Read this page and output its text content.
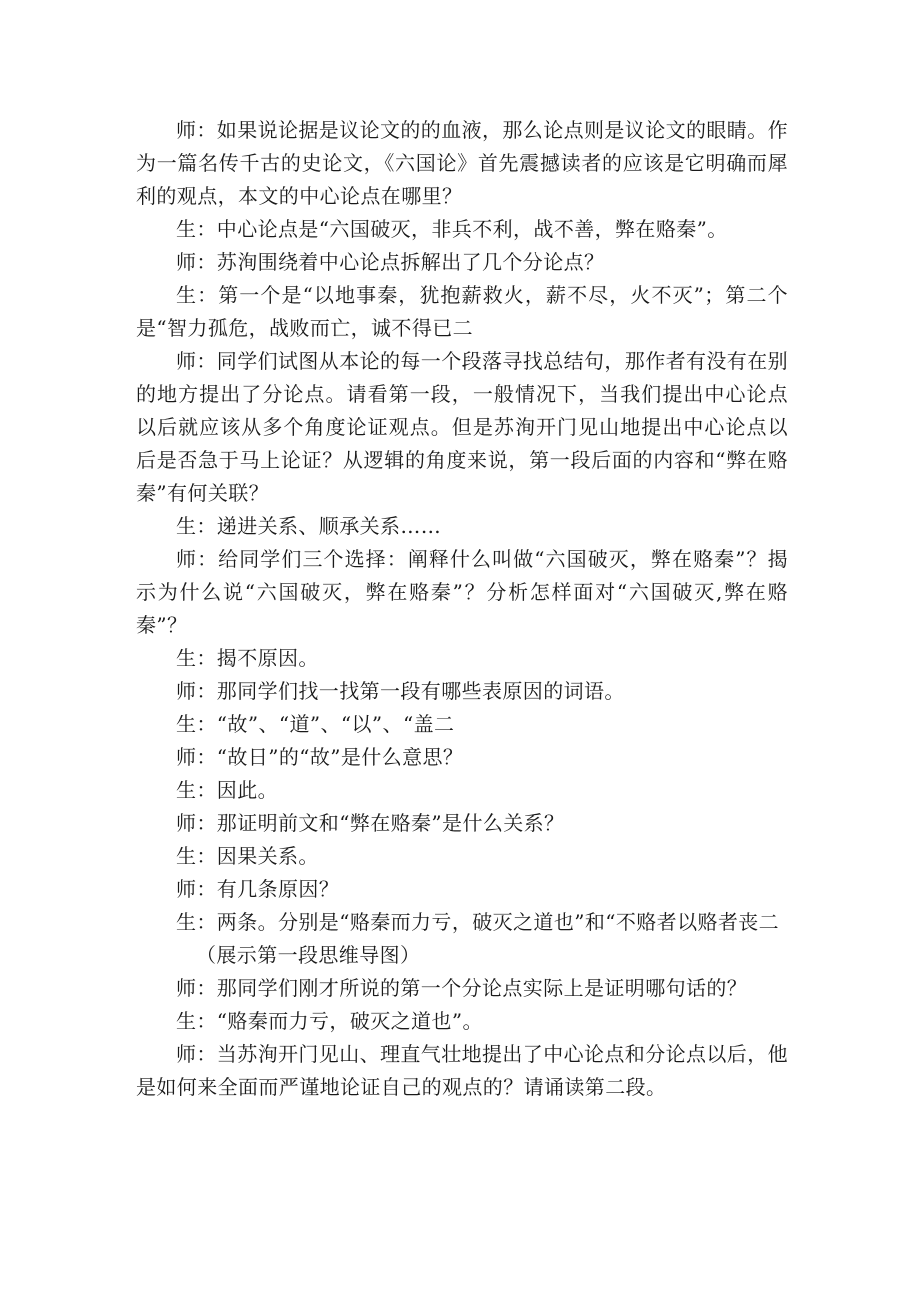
师：如果说论据是议论文的的血液，那么论点则是议论文的眼睛。作为一篇名传千古的史论文，《六国论》首先震撼读者的应该是它明确而犀利的观点，本文的中心论点在哪里？

生：中心论点是“六国破灭，非兵不利，战不善，弊在赂秦”。

师：苏洵围绕着中心论点拆解出了几个分论点？

生：第一个是“以地事秦，犹抱薪救火，薪不尽，火不灭”；第二个是“智力孤危，战败而亡，诚不得已二

师：同学们试图从本论的每一个段落寻找总结句，那作者有没有在别的地方提出了分论点。请看第一段，一般情况下，当我们提出中心论点以后就应该从多个角度论证观点。但是苏洵开门见山地提出中心论点以后是否急于马上论证？从逻辑的角度来说，第一段后面的内容和“弊在赂秦”有何关联？

生：递进关系、顺承关系……

师：给同学们三个选择：阐释什么叫做“六国破灭，弊在赂秦”？揭示为什么说“六国破灭，弊在赂秦”？分析怎样面对“六国破灭,弊在赂秦”？

生：揭不原因。

师：那同学们找一找第一段有哪些表原因的词语。

生：“故”、“道”、“以”、“盖二

师：“故日”的“故”是什么意思？

生：因此。

师：那证明前文和“弊在赂秦”是什么关系？

生：因果关系。

师：有几条原因？

生：两条。分别是“赂秦而力亏，破灭之道也”和“不赂者以赂者丧二

（展示第一段思维导图）

师：那同学们刚才所说的第一个分论点实际上是证明哪句话的？

生：“赂秦而力亏，破灭之道也”。

师：当苏洵开门见山、理直气壮地提出了中心论点和分论点以后，他是如何来全面而严谨地论证自己的观点的？请诵读第二段。
